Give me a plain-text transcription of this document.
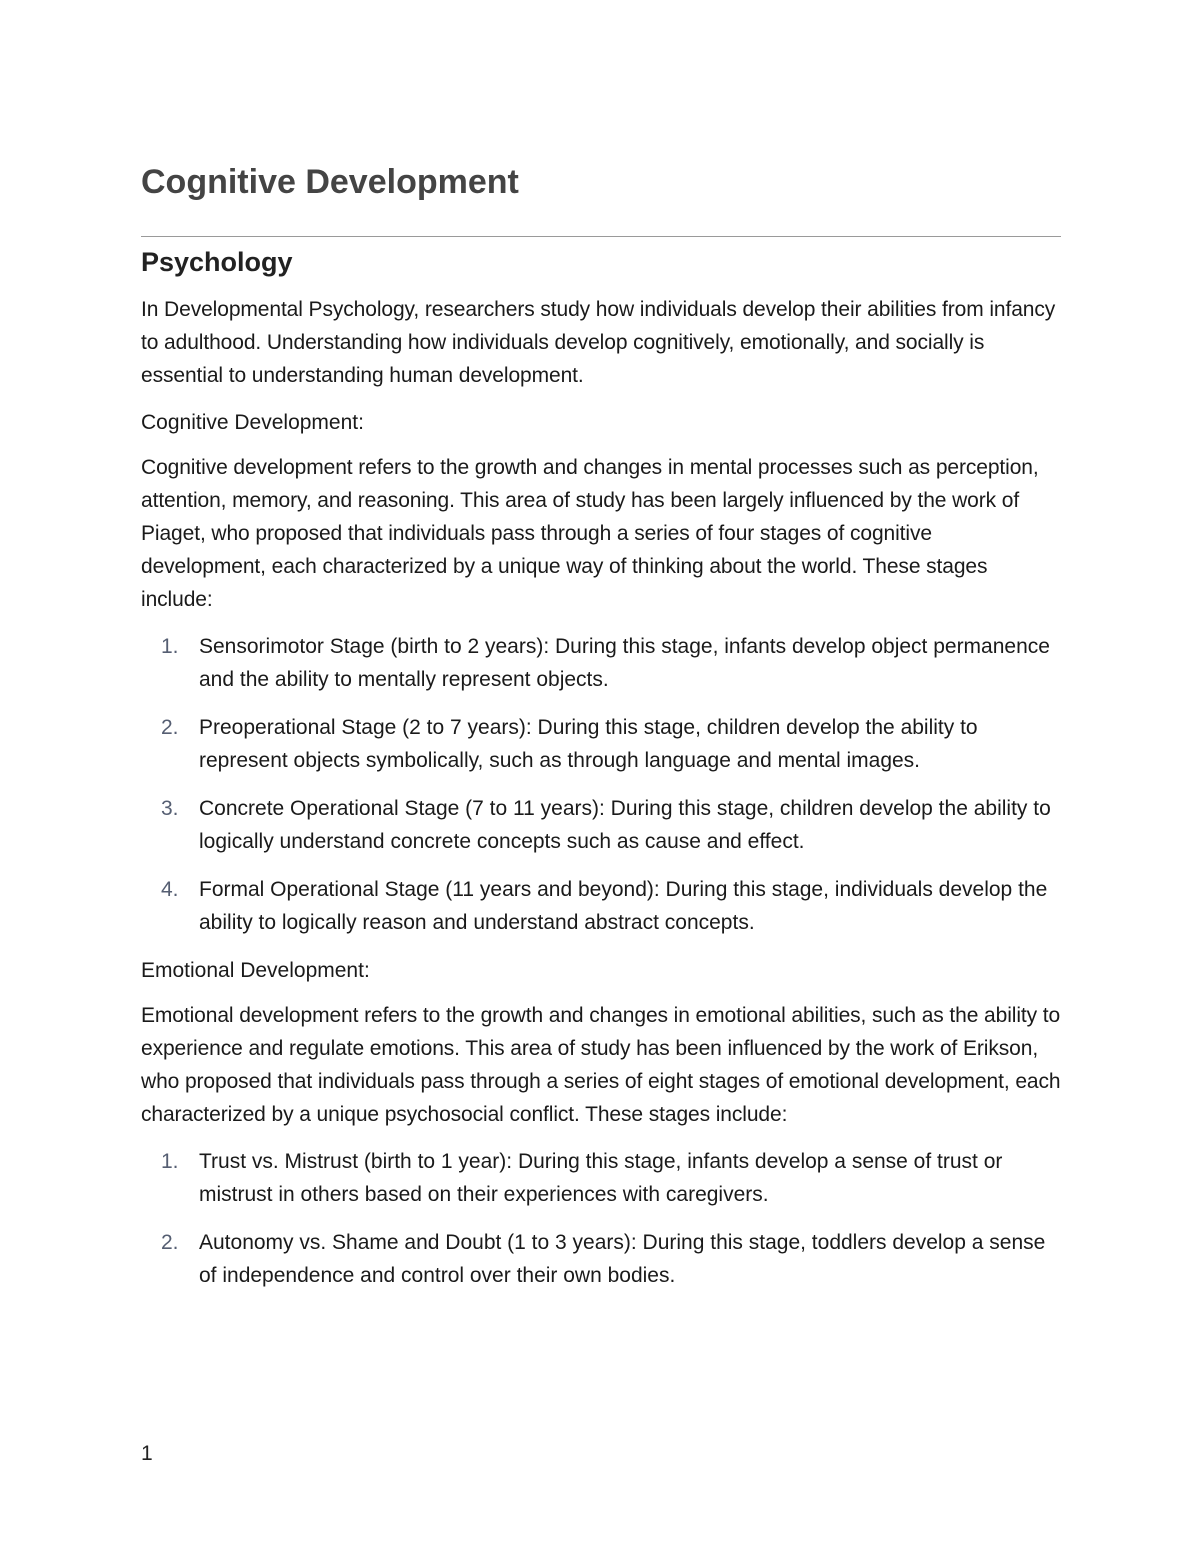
Cognitive Development
Psychology

In Developmental Psychology, researchers study how individuals develop their abilities from infancy to adulthood. Understanding how individuals develop cognitively, emotionally, and socially is essential to understanding human development.

Cognitive Development:

Cognitive development refers to the growth and changes in mental processes such as perception, attention, memory, and reasoning. This area of study has been largely influenced by the work of Piaget, who proposed that individuals pass through a series of four stages of cognitive development, each characterized by a unique way of thinking about the world. These stages include:

1. Sensorimotor Stage (birth to 2 years): During this stage, infants develop object permanence and the ability to mentally represent objects.
2. Preoperational Stage (2 to 7 years): During this stage, children develop the ability to represent objects symbolically, such as through language and mental images.
3. Concrete Operational Stage (7 to 11 years): During this stage, children develop the ability to logically understand concrete concepts such as cause and effect.
4. Formal Operational Stage (11 years and beyond): During this stage, individuals develop the ability to logically reason and understand abstract concepts.

Emotional Development:

Emotional development refers to the growth and changes in emotional abilities, such as the ability to experience and regulate emotions. This area of study has been influenced by the work of Erikson, who proposed that individuals pass through a series of eight stages of emotional development, each characterized by a unique psychosocial conflict. These stages include:

1. Trust vs. Mistrust (birth to 1 year): During this stage, infants develop a sense of trust or mistrust in others based on their experiences with caregivers.
2. Autonomy vs. Shame and Doubt (1 to 3 years): During this stage, toddlers develop a sense of independence and control over their own bodies.
1
